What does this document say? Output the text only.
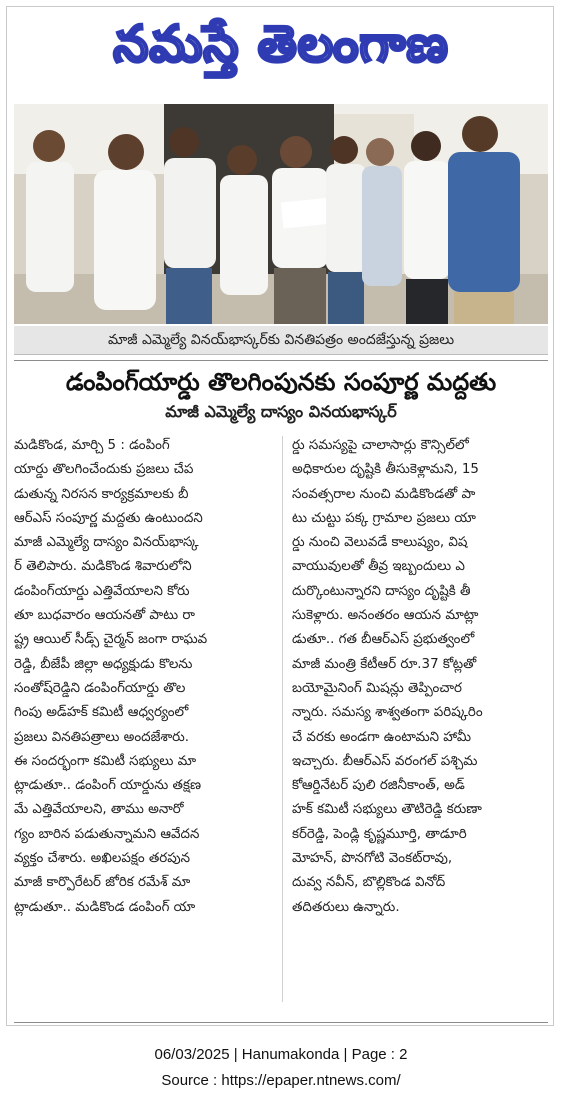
నమస్తే తెలంగాణ
మాజీ ఎమ్మెల్యే వినయ్‌భాస్కర్‌కు వినతిపత్రం అందజేస్తున్న ప్రజలు
డంపింగ్‌యార్డు తొలగింపునకు సంపూర్ణ మద్దతు
మాజీ ఎమ్మెల్యే దాస్యం వినయభాస్కర్
మడికొండ, మార్చి 5 : డంపింగ్
యార్డు తొలగించేందుకు ప్రజలు చేప
డుతున్న నిరసన కార్యక్రమాలకు బీ
ఆర్‌ఎస్ సంపూర్ణ మద్దతు ఉంటుందని
మాజీ ఎమ్మెల్యే దాస్యం వినయ్‌భాస్క
ర్ తెలిపారు. మడికొండ శివారులోని
డంపింగ్‌యార్డు ఎత్తివేయాలని కోరు
తూ బుధవారం ఆయనతో పాటు రా
ష్ట్ర ఆయిల్ సీడ్స్ చైర్మన్ జంగా రాఘవ
రెడ్డి, బీజేపీ జిల్లా అధ్యక్షుడు కొలను
సంతోష్‌రెడ్డిని డంపింగ్‌యార్డు తొల
గింపు అడ్‌హక్ కమిటీ ఆధ్వర్యంలో
ప్రజలు వినతిపత్రాలు అందజేశారు.
ఈ సందర్భంగా కమిటీ సభ్యులు మా
ట్లాడుతూ.. డంపింగ్ యార్డును తక్షణ
మే ఎత్తివేయాలని, తాము అనారో
గ్యం బారిన పడుతున్నామని ఆవేదన
వ్యక్తం చేశారు. అఖిలపక్షం తరపున
మాజీ కార్పొరేటర్ జోరిక రమేశ్ మా
ట్లాడుతూ.. మడికొండ డంపింగ్ యా
ర్డు సమస్యపై చాలాసార్లు కౌన్సిల్‌లో
అధికారుల దృష్టికి తీసుకెళ్లామని, 15
సంవత్సరాల నుంచి మడికొండతో పా
టు చుట్టు పక్క గ్రామాల ప్రజలు యా
ర్డు నుంచి వెలువడే కాలుష్యం, విష
వాయువులతో తీవ్ర ఇబ్బందులు ఎ
దుర్కొంటున్నారని దాస్యం దృష్టికి తీ
సుకెళ్లారు. అనంతరం ఆయన మాట్లా
డుతూ.. గత బీఆర్‌ఎస్ ప్రభుత్వంలో
మాజీ మంత్రి కేటీఆర్ రూ.37 కోట్లతో
బయోమైనింగ్ మిషన్లు తెప్పించార
న్నారు. సమస్య శాశ్వతంగా పరిష్కరిం
చే వరకు అండగా ఉంటామని హామీ
ఇచ్చారు. బీఆర్‌ఎస్ వరంగల్ పశ్చిమ
కోఆర్డినేటర్ పులి రజినీకాంత్, అడ్
హక్ కమిటీ సభ్యులు తౌటిరెడ్డి కరుణా
కర్‌రెడ్డి, పెండ్లి కృష్ణమూర్తి, తాడూరి
మోహన్, పొనగోటి వెంకట్‌రావు,
దువ్వ నవీన్, బొల్లికొండ వినోద్
తదితరులు ఉన్నారు.
06/03/2025 | Hanumakonda | Page : 2
Source : https://epaper.ntnews.com/
